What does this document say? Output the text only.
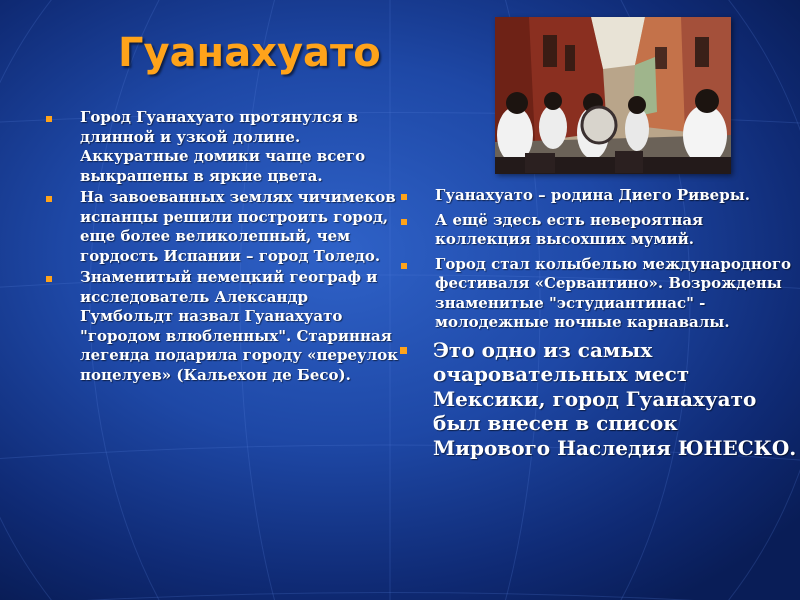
Гуанахуато
Город Гуанахуато протянулся в длинной и узкой долине. Аккуратные домики чаще всего выкрашены в яркие цвета.
На завоеванных землях чичимеков испанцы решили построить город, еще более великолепный, чем гордость Испании – город Толедо.
Знаменитый немецкий географ и исследователь Александр Гумбольдт назвал Гуанахуато "городом влюбленных". Старинная легенда подарила городу «переулок поцелуев» (Кальехон де Бесо).
Гуанахуато – родина Диего Риверы.
А ещё здесь есть невероятная коллекция высохших мумий.
Город стал колыбелью международного фестиваля «Сервантино». Возрождены знаменитые "эстудиантинас" - молодежные ночные карнавалы.
Это одно из самых очаровательных мест Мексики, город Гуанахуато был внесен в список Мирового Наследия ЮНЕСКО.
